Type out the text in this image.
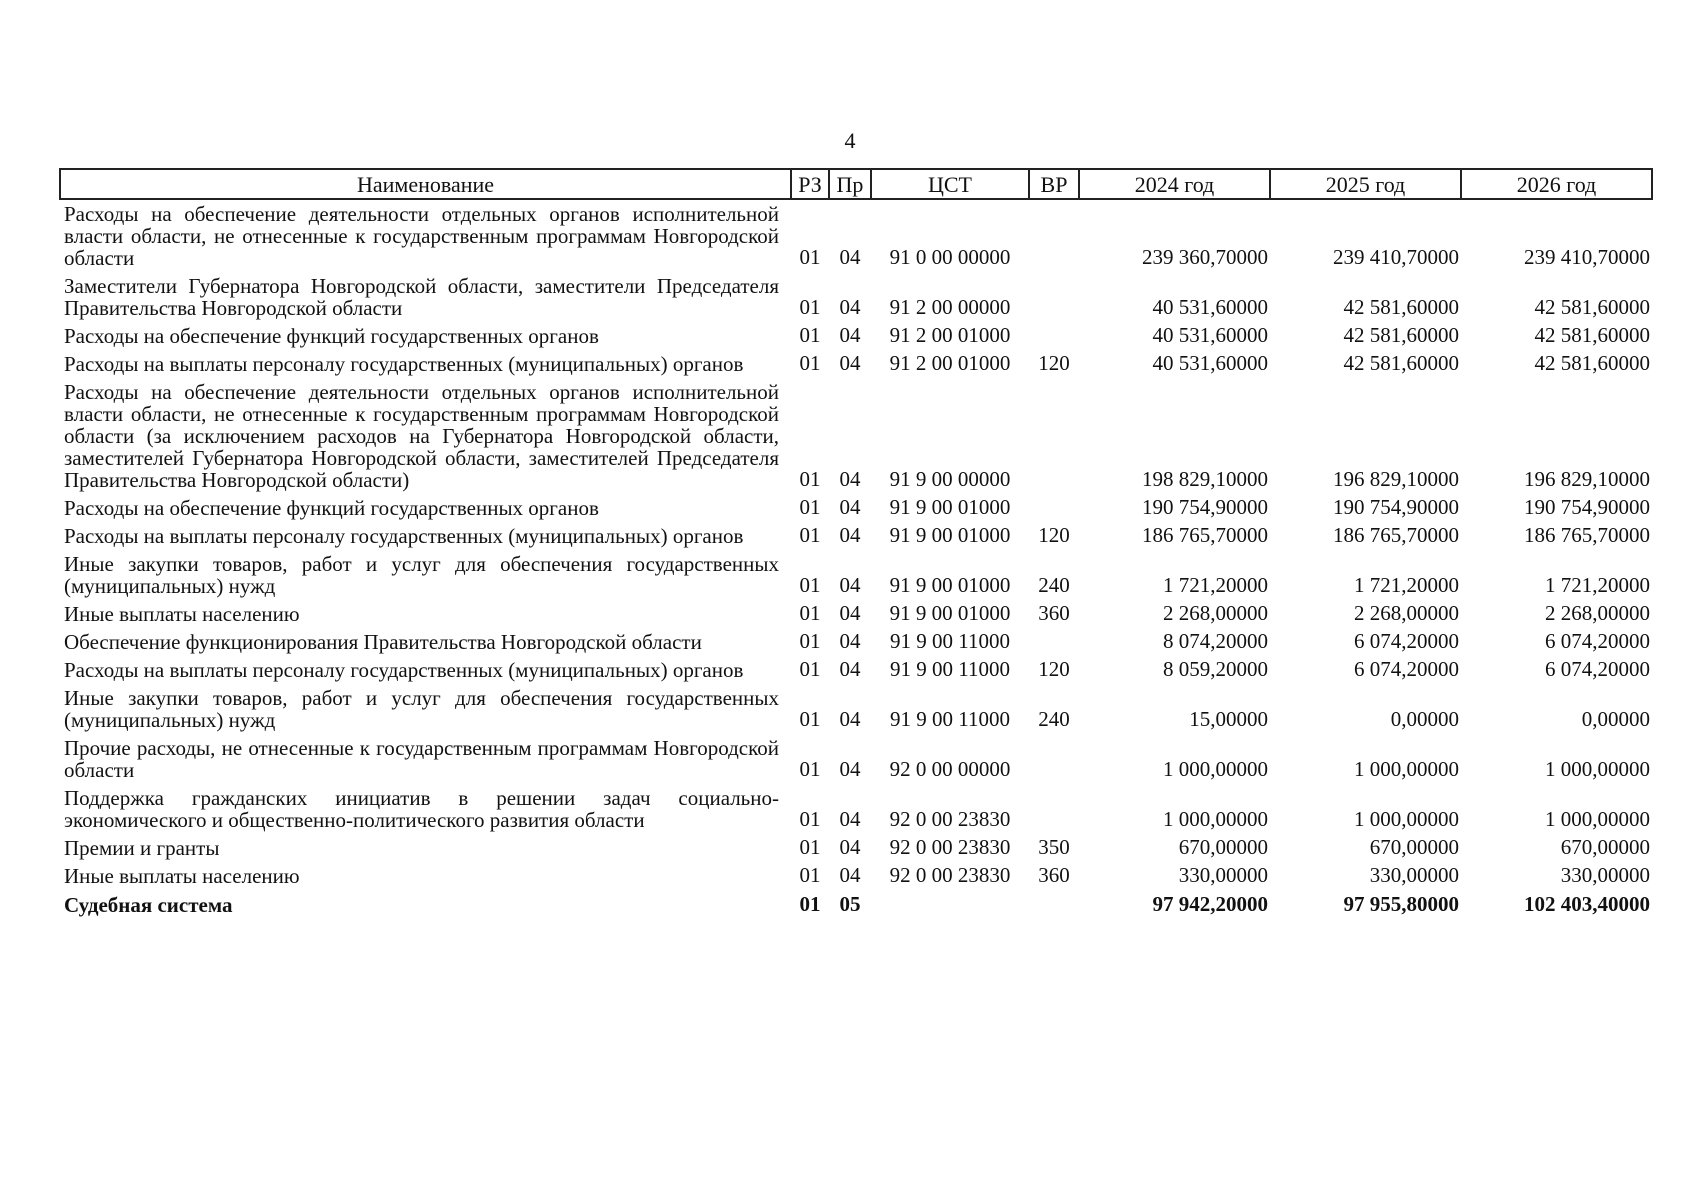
4
Наименование	РЗ	Пр	ЦСТ	ВР	2024 год	2025 год	2026 год
Расходы на обеспечение деятельности отдельных органов исполнительной власти области, не отнесенные к государственным программам Новгородской области	01	04	91 0 00 00000		239 360,70000	239 410,70000	239 410,70000
Заместители Губернатора Новгородской области, заместители Председателя Правительства Новгородской области	01	04	91 2 00 00000		40 531,60000	42 581,60000	42 581,60000
Расходы на обеспечение функций государственных органов	01	04	91 2 00 01000		40 531,60000	42 581,60000	42 581,60000
Расходы на выплаты персоналу государственных (муниципальных) органов	01	04	91 2 00 01000	120	40 531,60000	42 581,60000	42 581,60000
Расходы на обеспечение деятельности отдельных органов исполнительной власти области, не отнесенные к государственным программам Новгородской области (за исключением расходов на Губернатора Новгородской области, заместителей Губернатора Новгородской области, заместителей Председателя Правительства Новгородской области)	01	04	91 9 00 00000		198 829,10000	196 829,10000	196 829,10000
Расходы на обеспечение функций государственных органов	01	04	91 9 00 01000		190 754,90000	190 754,90000	190 754,90000
Расходы на выплаты персоналу государственных (муниципальных) органов	01	04	91 9 00 01000	120	186 765,70000	186 765,70000	186 765,70000
Иные закупки товаров, работ и услуг для обеспечения государственных (муниципальных) нужд	01	04	91 9 00 01000	240	1 721,20000	1 721,20000	1 721,20000
Иные выплаты населению	01	04	91 9 00 01000	360	2 268,00000	2 268,00000	2 268,00000
Обеспечение функционирования Правительства Новгородской области	01	04	91 9 00 11000		8 074,20000	6 074,20000	6 074,20000
Расходы на выплаты персоналу государственных (муниципальных) органов	01	04	91 9 00 11000	120	8 059,20000	6 074,20000	6 074,20000
Иные закупки товаров, работ и услуг для обеспечения государственных (муниципальных) нужд	01	04	91 9 00 11000	240	15,00000	0,00000	0,00000
Прочие расходы, не отнесенные к государственным программам Новгородской области	01	04	92 0 00 00000		1 000,00000	1 000,00000	1 000,00000
Поддержка гражданских инициатив в решении задач социально-экономического и общественно-политического развития области	01	04	92 0 00 23830		1 000,00000	1 000,00000	1 000,00000
Премии и гранты	01	04	92 0 00 23830	350	670,00000	670,00000	670,00000
Иные выплаты населению	01	04	92 0 00 23830	360	330,00000	330,00000	330,00000
Судебная система	01	05			97 942,20000	97 955,80000	102 403,40000
